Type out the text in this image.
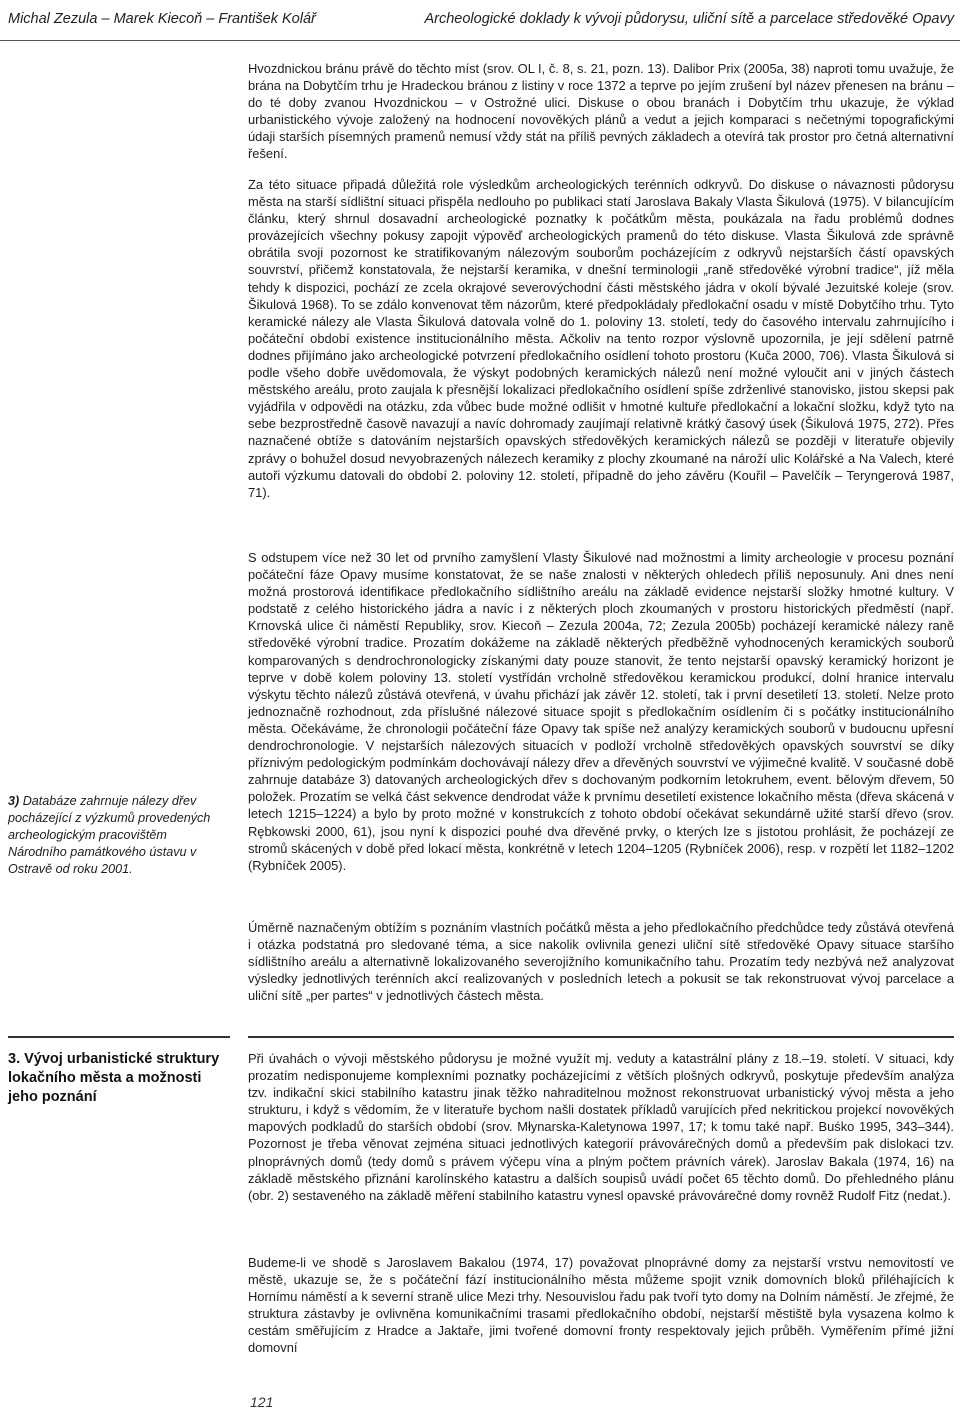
Michal Zezula – Marek Kiecoň – František Kolář	Archeologické doklady k vývoji půdorysu, uliční sítě a parcelace středověké Opavy

Hvozdnickou bránu právě do těchto míst (srov. OL I, č. 8, s. 21, pozn. 13). Dalibor Prix (2005a, 38) naproti tomu uvažuje, že brána na Dobytčím trhu je Hradeckou bránou z listiny v roce 1372 a teprve po jejím zrušení byl název přenesen na bránu – do té doby zvanou Hvozdnickou – v Ostrožné ulici. Diskuse o obou branách i Dobytčím trhu ukazuje, že výklad urbanistického vývoje založený na hodnocení novověkých plánů a vedut a jejich komparaci s nečetnými topografickými údaji starších písemných pramenů nemusí vždy stát na příliš pevných základech a otevírá tak prostor pro četná alternativní řešení.

Za této situace připadá důležitá role výsledkům archeologických terénních odkryvů. Do diskuse o návaznosti půdorysu města na starší sídlištní situaci přispěla nedlouho po publikaci statí Jaroslava Bakaly Vlasta Šikulová (1975). V bilancujícím článku, který shrnul dosavadní archeologické poznatky k počátkům města, poukázala na řadu problémů dodnes provázejících všechny pokusy zapojit výpověď archeologických pramenů do této diskuse. Vlasta Šikulová zde správně obrátila svoji pozornost ke stratifikovaným nálezovým souborům pocházejícím z odkryvů nejstarších částí opavských souvrství, přičemž konstatovala, že nejstarší keramika, v dnešní terminologii „raně středověké výrobní tradice“, jíž měla tehdy k dispozici, pochází ze zcela okrajové severovýchodní části městského jádra v okolí bývalé Jezuitské koleje (srov. Šikulová 1968). To se zdálo konvenovat těm názorům, které předpokládaly předlokační osadu v místě Dobytčího trhu. Tyto keramické nálezy ale Vlasta Šikulová datovala volně do 1. poloviny 13. století, tedy do časového intervalu zahrnujícího i počáteční období existence institucionálního města. Ačkoliv na tento rozpor výslovně upozornila, je její sdělení patrně dodnes přijímáno jako archeologické potvrzení předlokačního osídlení tohoto prostoru (Kuča 2000, 706). Vlasta Šikulová si podle všeho dobře uvědomovala, že výskyt podobných keramických nálezů není možné vyloučit ani v jiných částech městského areálu, proto zaujala k přesnější lokalizaci předlokačního osídlení spíše zdrženlivé stanovisko, jistou skepsi pak vyjádřila v odpovědi na otázku, zda vůbec bude možné odlišit v hmotné kultuře předlokační a lokační složku, když tyto na sebe bezprostředně časově navazují a navíc dohromady zaujímají relativně krátký časový úsek (Šikulová 1975, 272). Přes naznačené obtíže s datováním nejstarších opavských středověkých keramických nálezů se později v literatuře objevily zprávy o bohužel dosud nevyobrazených nálezech keramiky z plochy zkoumané na nároží ulic Kolářské a Na Valech, které autoři výzkumu datovali do období 2. poloviny 12. století, případně do jeho závěru (Kouřil – Pavelčík – Teryngerová 1987, 71).

S odstupem více než 30 let od prvního zamyšlení Vlasty Šikulové nad možnostmi a limity archeologie v procesu poznání počáteční fáze Opavy musíme konstatovat, že se naše znalosti v některých ohledech příliš neposunuly. Ani dnes není možná prostorová identifikace předlokačního sídlištního areálu na základě evidence nejstarší složky hmotné kultury. V podstatě z celého historického jádra a navíc i z některých ploch zkoumaných v prostoru historických předměstí (např. Krnovská ulice či náměstí Republiky, srov. Kiecoň – Zezula 2004a, 72; Zezula 2005b) pocházejí keramické nálezy raně středověké výrobní tradice. Prozatím dokážeme na základě některých předběžně vyhodnocených keramických souborů komparovaných s dendrochronologicky získanými daty pouze stanovit, že tento nejstarší opavský keramický horizont je teprve v době kolem poloviny 13. století vystřídán vrcholně středověkou keramickou produkcí, dolní hranice intervalu výskytu těchto nálezů zůstává otevřená, v úvahu přichází jak závěr 12. století, tak i první desetiletí 13. století. Nelze proto jednoznačně rozhodnout, zda příslušné nálezové situace spojit s předlokačním osídlením či s počátky institucionálního města. Očekáváme, že chronologii počáteční fáze Opavy tak spíše než analýzy keramických souborů v budoucnu upřesní dendrochronologie. V nejstarších nálezových situacích v podloží vrcholně středověkých opavských souvrství se díky příznivým pedologickým podmínkám dochovávají nálezy dřev a dřevěných souvrství ve výjimečné kvalitě. V současné době zahrnuje databáze 3) datovaných archeologických dřev s dochovaným podkorním letokruhem, event. bělovým dřevem, 50 položek. Prozatím se velká část sekvence dendrodat váže k prvnímu desetiletí existence lokačního města (dřeva skácená v letech 1215–1224) a bylo by proto možné v konstrukcích z tohoto období očekávat sekundárně užité starší dřevo (srov. Rębkowski 2000, 61), jsou nyní k dispozici pouhé dva dřevěné prvky, o kterých lze s jistotou prohlásit, že pocházejí ze stromů skácených v době před lokací města, konkrétně v letech 1204–1205 (Rybníček 2006), resp. v rozpětí let 1182–1202 (Rybníček 2005).

Úměrně naznačeným obtížím s poznáním vlastních počátků města a jeho předlokačního předchůdce tedy zůstává otevřená i otázka podstatná pro sledované téma, a sice nakolik ovlivnila genezi uliční sítě středověké Opavy situace staršího sídlištního areálu a alternativně lokalizovaného severojižního komunikačního tahu. Prozatím tedy nezbývá než analyzovat výsledky jednotlivých terénních akcí realizovaných v posledních letech a pokusit se tak rekonstruovat vývoj parcelace a uliční sítě „per partes“ v jednotlivých částech města.

3) Databáze zahrnuje nálezy dřev pocházející z výzkumů provedených archeologickým pracovištěm Národního památkového ústavu v Ostravě od roku 2001.

3. Vývoj urbanistické struktury lokačního města a možnosti jeho poznání

Při úvahách o vývoji městského půdorysu je možné využít mj. veduty a katastrální plány z 18.–19. století. V situaci, kdy prozatím nedisponujeme komplexními poznatky pocházejícími z větších plošných odkryvů, poskytuje především analýza tzv. indikační skici stabilního katastru jinak těžko nahraditelnou možnost rekonstruovat urbanistický vývoj města a jeho strukturu, i když s vědomím, že v literatuře bychom našli dostatek příkladů varujících před nekritickou projekcí novověkých mapových podkladů do starších období (srov. Młynarska-Kaletynowa 1997, 17; k tomu také např. Buśko 1995, 343–344). Pozornost je třeba věnovat zejména situaci jednotlivých kategorií právovárečných domů a především pak dislokaci tzv. plnoprávných domů (tedy domů s právem výčepu vína a plným počtem právních várek). Jaroslav Bakala (1974, 16) na základě městského přiznání karolínského katastru a dalších soupisů uvádí počet 65 těchto domů. Do přehledného plánu (obr. 2) sestaveného na základě měření stabilního katastru vynesl opavské právovárečné domy rovněž Rudolf Fitz (nedat.).

Budeme-li ve shodě s Jaroslavem Bakalou (1974, 17) považovat plnoprávné domy za nejstarší vrstvu nemovitostí ve městě, ukazuje se, že s počáteční fází institucionálního města můžeme spojit vznik domovních bloků přiléhajících k Hornímu náměstí a k severní straně ulice Mezi trhy. Nesouvislou řadu pak tvoří tyto domy na Dolním náměstí. Je zřejmé, že struktura zástavby je ovlivněna komunikačními trasami předlokačního období, nejstarší městiště byla vysazena kolmo k cestám směřujícím z Hradce a Jaktaře, jimi tvořené domovní fronty respektovaly jejich průběh. Vyměřením přímé jižní domovní

121
